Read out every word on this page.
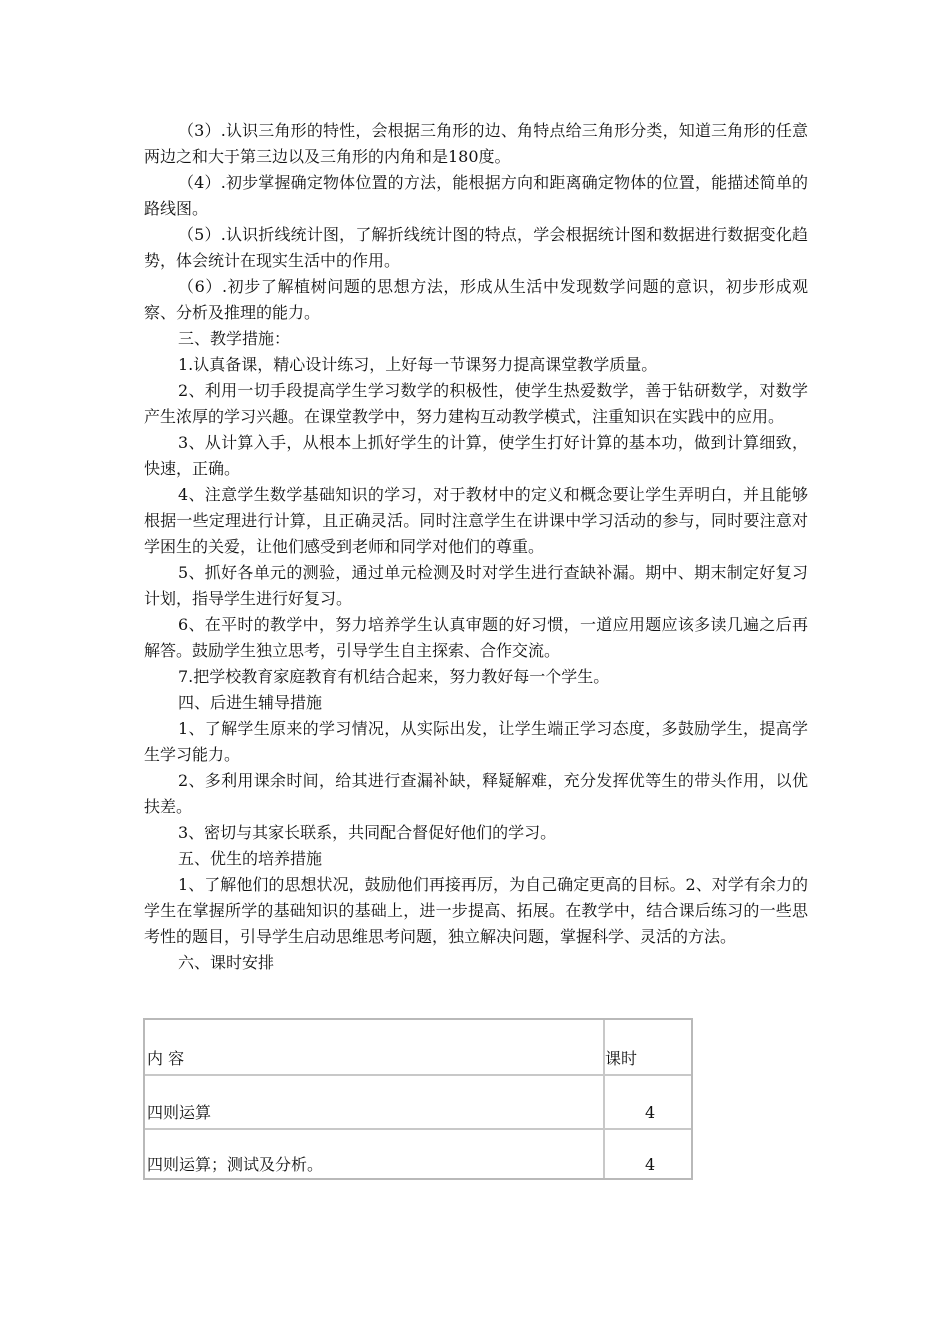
（3）.认识三角形的特性，会根据三角形的边、角特点给三角形分类，知道三角形的任意两边之和大于第三边以及三角形的内角和是180度。

（4）.初步掌握确定物体位置的方法，能根据方向和距离确定物体的位置，能描述简单的路线图。

（5）.认识折线统计图，了解折线统计图的特点，学会根据统计图和数据进行数据变化趋势，体会统计在现实生活中的作用。

（6）.初步了解植树问题的思想方法，形成从生活中发现数学问题的意识，初步形成观察、分析及推理的能力。

三、教学措施：

1.认真备课，精心设计练习，上好每一节课努力提高课堂教学质量。

2、利用一切手段提高学生学习数学的积极性，使学生热爱数学，善于钻研数学，对数学产生浓厚的学习兴趣。在课堂教学中，努力建构互动教学模式，注重知识在实践中的应用。

3、从计算入手，从根本上抓好学生的计算，使学生打好计算的基本功，做到计算细致，快速，正确。

4、注意学生数学基础知识的学习，对于教材中的定义和概念要让学生弄明白，并且能够根据一些定理进行计算，且正确灵活。同时注意学生在讲课中学习活动的参与，同时要注意对学困生的关爱，让他们感受到老师和同学对他们的尊重。

5、抓好各单元的测验，通过单元检测及时对学生进行查缺补漏。期中、期末制定好复习计划，指导学生进行好复习。

6、在平时的教学中，努力培养学生认真审题的好习惯，一道应用题应该多读几遍之后再解答。鼓励学生独立思考，引导学生自主探索、合作交流。

7.把学校教育家庭教育有机结合起来，努力教好每一个学生。

四、后进生辅导措施

1、了解学生原来的学习情况，从实际出发，让学生端正学习态度，多鼓励学生，提高学生学习能力。

2、多利用课余时间，给其进行查漏补缺，释疑解难，充分发挥优等生的带头作用，以优扶差。

3、密切与其家长联系，共同配合督促好他们的学习。

五、优生的培养措施

1、了解他们的思想状况，鼓励他们再接再厉，为自己确定更高的目标。2、对学有余力的学生在掌握所学的基础知识的基础上，进一步提高、拓展。在教学中，结合课后练习的一些思考性的题目，引导学生启动思维思考问题，独立解决问题，掌握科学、灵活的方法。

六、课时安排

内 容	课时
四则运算	4
四则运算；测试及分析。	4
